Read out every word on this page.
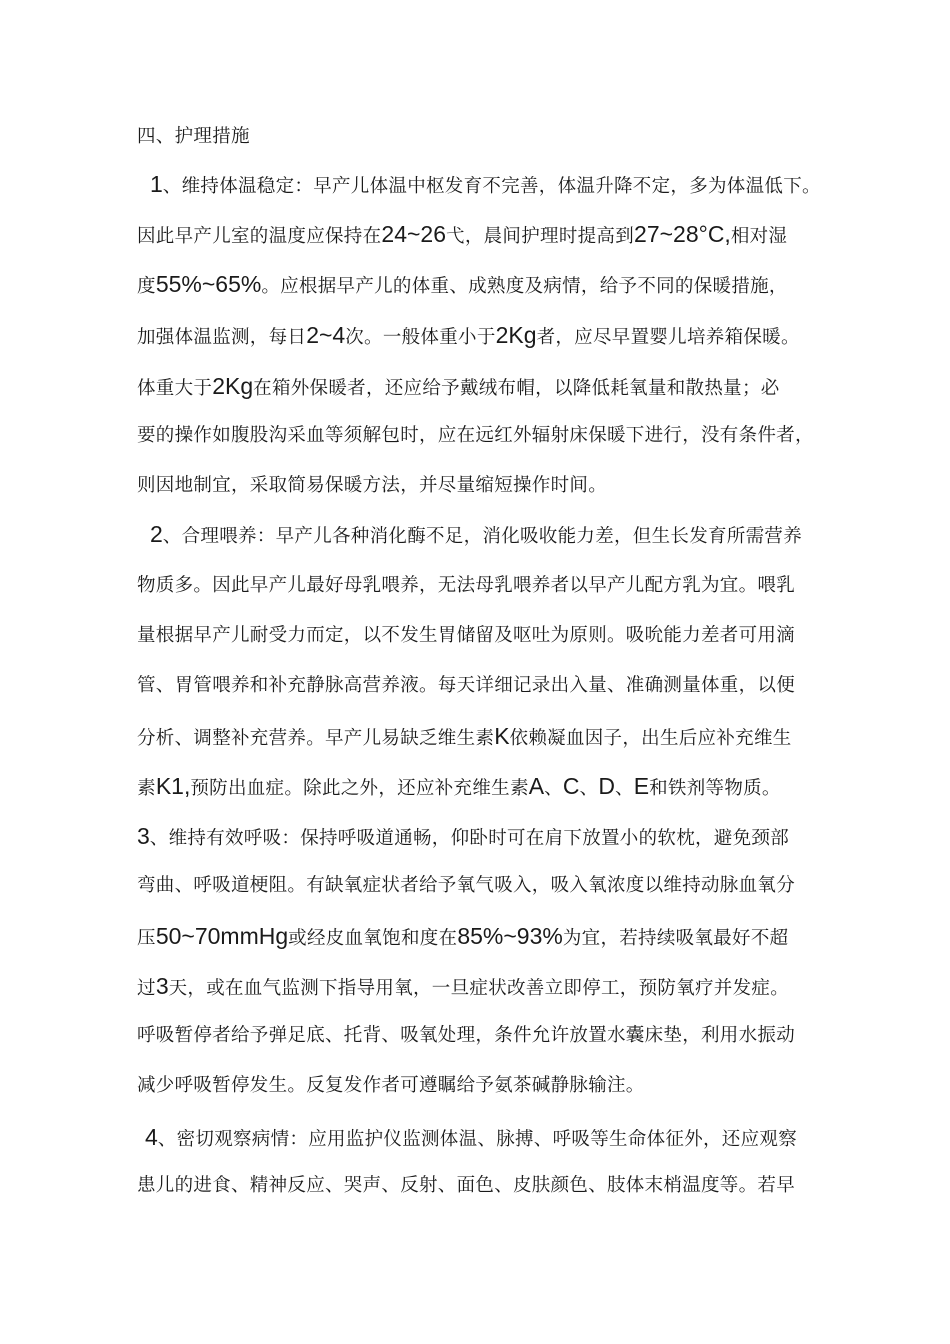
四、护理措施
1、维持体温稳定：早产儿体温中枢发育不完善，体温升降不定，多为体温低下。
因此早产儿室的温度应保持在24~26弋，晨间护理时提高到27~28°C,相对湿
度55%~65%。应根据早产儿的体重、成熟度及病情，给予不同的保暖措施，
加强体温监测，每日2~4次。一般体重小于2Kg者，应尽早置婴儿培养箱保暖。
体重大于2Kg在箱外保暖者，还应给予戴绒布帽，以降低耗氧量和散热量；必
要的操作如腹股沟采血等须解包时，应在远红外辐射床保暖下进行，没有条件者，
则因地制宜，采取简易保暖方法，并尽量缩短操作时间。
2、合理喂养：早产儿各种消化酶不足，消化吸收能力差，但生长发育所需营养
物质多。因此早产儿最好母乳喂养，无法母乳喂养者以早产儿配方乳为宜。喂乳
量根据早产儿耐受力而定，以不发生胃储留及呕吐为原则。吸吮能力差者可用滴
管、胃管喂养和补充静脉高营养液。每天详细记录出入量、准确测量体重，以便
分析、调整补充营养。早产儿易缺乏维生素K依赖凝血因子，出生后应补充维生
素K1,预防出血症。除此之外，还应补充维生素A、C、D、E和铁剂等物质。
3、维持有效呼吸：保持呼吸道通畅，仰卧时可在肩下放置小的软枕，避免颈部
弯曲、呼吸道梗阻。有缺氧症状者给予氧气吸入，吸入氧浓度以维持动脉血氧分
压50~70mmHg或经皮血氧饱和度在85%~93%为宜，若持续吸氧最好不超
过3天，或在血气监测下指导用氧，一旦症状改善立即停工，预防氧疗并发症。
呼吸暂停者给予弹足底、托背、吸氧处理，条件允许放置水囊床垫，利用水振动
减少呼吸暂停发生。反复发作者可遵瞩给予氨茶碱静脉输注。
4、密切观察病情：应用监护仪监测体温、脉搏、呼吸等生命体征外，还应观察
患儿的进食、精神反应、哭声、反射、面色、皮肤颜色、肢体末梢温度等。若早
